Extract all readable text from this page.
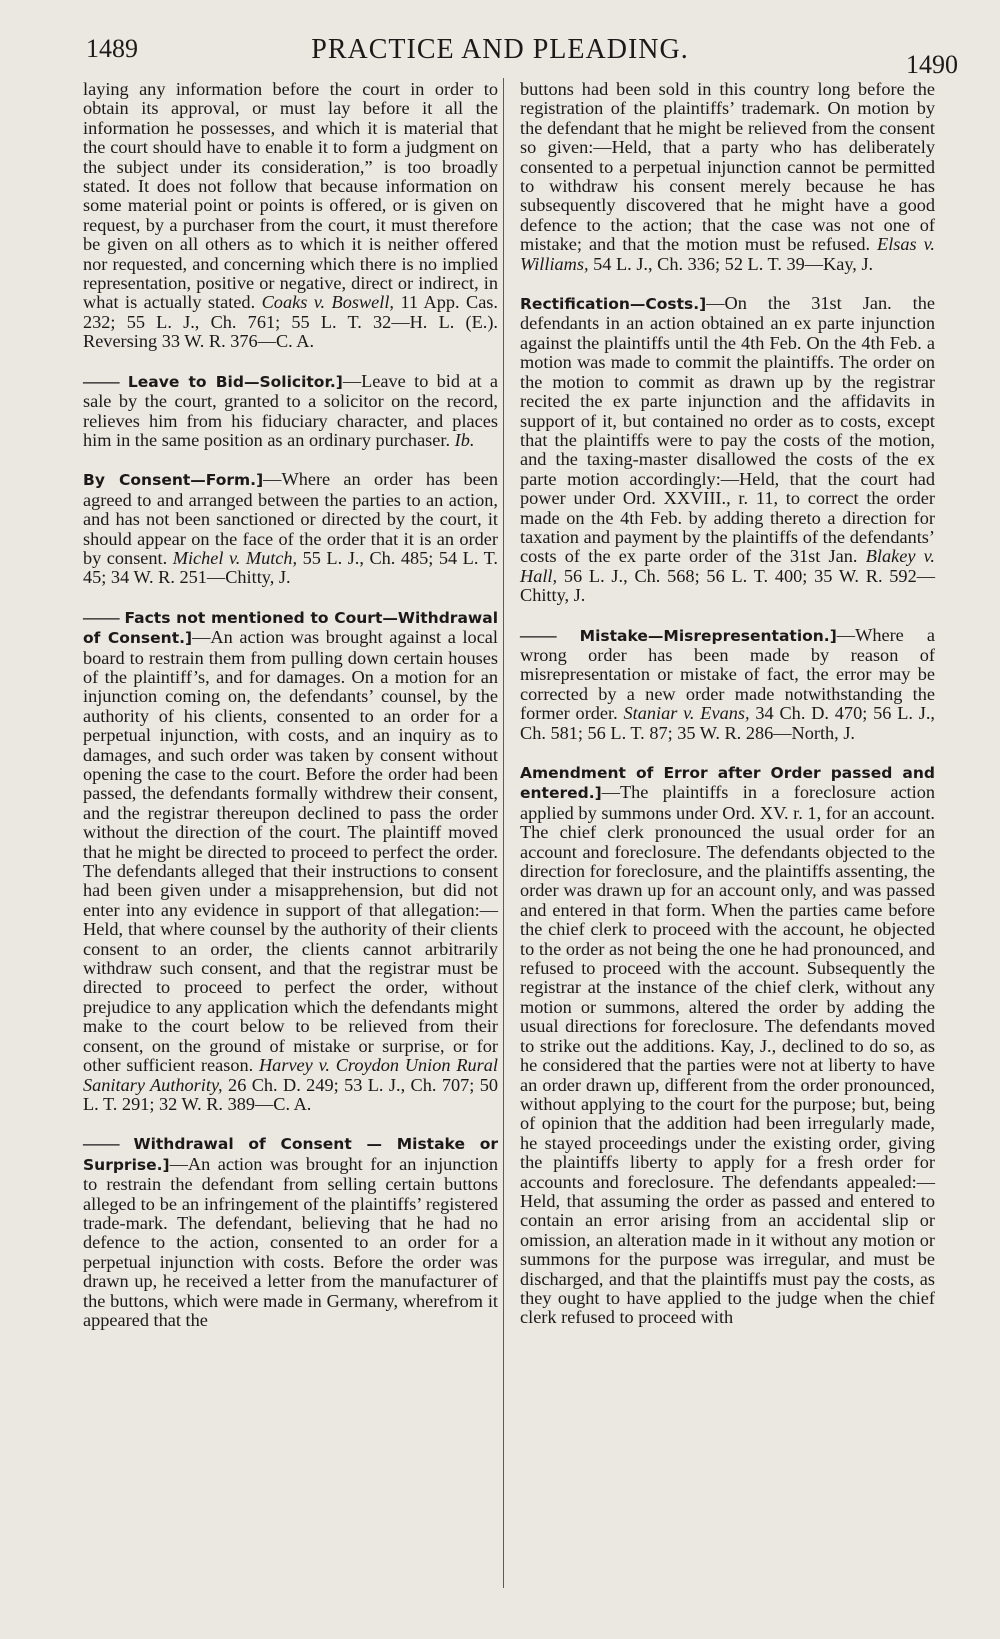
1489	PRACTICE AND PLEADING.	1490

laying any information before the court in order to obtain its approval, or must lay before it all the information he possesses, and which it is material that the court should have to enable it to form a judgment on the subject under its consideration,” is too broadly stated. It does not follow that because information on some material point or points is offered, or is given on request, by a purchaser from the court, it must therefore be given on all others as to which it is neither offered nor requested, and concerning which there is no implied representation, positive or negative, direct or indirect, in what is actually stated. Coaks v. Boswell, 11 App. Cas. 232; 55 L. J., Ch. 761; 55 L. T. 32—H. L. (E.). Reversing 33 W. R. 376—C. A.

—— Leave to Bid—Solicitor.]—Leave to bid at a sale by the court, granted to a solicitor on the record, relieves him from his fiduciary character, and places him in the same position as an ordinary purchaser. Ib.

By Consent—Form.]—Where an order has been agreed to and arranged between the parties to an action, and has not been sanctioned or directed by the court, it should appear on the face of the order that it is an order by consent. Michel v. Mutch, 55 L. J., Ch. 485; 54 L. T. 45; 34 W. R. 251—Chitty, J.

—— Facts not mentioned to Court—Withdrawal of Consent.]—An action was brought against a local board to restrain them from pulling down certain houses of the plaintiff’s, and for damages. On a motion for an injunction coming on, the defendants’ counsel, by the authority of his clients, consented to an order for a perpetual injunction, with costs, and an inquiry as to damages, and such order was taken by consent without opening the case to the court. Before the order had been passed, the defendants formally withdrew their consent, and the registrar thereupon declined to pass the order without the direction of the court. The plaintiff moved that he might be directed to proceed to perfect the order. The defendants alleged that their instructions to consent had been given under a misapprehension, but did not enter into any evidence in support of that allegation:—Held, that where counsel by the authority of their clients consent to an order, the clients cannot arbitrarily withdraw such consent, and that the registrar must be directed to proceed to perfect the order, without prejudice to any application which the defendants might make to the court below to be relieved from their consent, on the ground of mistake or surprise, or for other sufficient reason. Harvey v. Croydon Union Rural Sanitary Authority, 26 Ch. D. 249; 53 L. J., Ch. 707; 50 L. T. 291; 32 W. R. 389—C. A.

—— Withdrawal of Consent — Mistake or Surprise.]—An action was brought for an injunction to restrain the defendant from selling certain buttons alleged to be an infringement of the plaintiffs’ registered trade-mark. The defendant, believing that he had no defence to the action, consented to an order for a perpetual injunction with costs. Before the order was drawn up, he received a letter from the manufacturer of the buttons, which were made in Germany, wherefrom it appeared that the

buttons had been sold in this country long before the registration of the plaintiffs’ trademark. On motion by the defendant that he might be relieved from the consent so given:—Held, that a party who has deliberately consented to a perpetual injunction cannot be permitted to withdraw his consent merely because he has subsequently discovered that he might have a good defence to the action; that the case was not one of mistake; and that the motion must be refused. Elsas v. Williams, 54 L. J., Ch. 336; 52 L. T. 39—Kay, J.

Rectification—Costs.]—On the 31st Jan. the defendants in an action obtained an ex parte injunction against the plaintiffs until the 4th Feb. On the 4th Feb. a motion was made to commit the plaintiffs. The order on the motion to commit as drawn up by the registrar recited the ex parte injunction and the affidavits in support of it, but contained no order as to costs, except that the plaintiffs were to pay the costs of the motion, and the taxing-master disallowed the costs of the ex parte motion accordingly:—Held, that the court had power under Ord. XXVIII., r. 11, to correct the order made on the 4th Feb. by adding thereto a direction for taxation and payment by the plaintiffs of the defendants’ costs of the ex parte order of the 31st Jan. Blakey v. Hall, 56 L. J., Ch. 568; 56 L. T. 400; 35 W. R. 592—Chitty, J.

—— Mistake—Misrepresentation.]—Where a wrong order has been made by reason of misrepresentation or mistake of fact, the error may be corrected by a new order made notwithstanding the former order. Staniar v. Evans, 34 Ch. D. 470; 56 L. J., Ch. 581; 56 L. T. 87; 35 W. R. 286—North, J.

Amendment of Error after Order passed and entered.]—The plaintiffs in a foreclosure action applied by summons under Ord. XV. r. 1, for an account. The chief clerk pronounced the usual order for an account and foreclosure. The defendants objected to the direction for foreclosure, and the plaintiffs assenting, the order was drawn up for an account only, and was passed and entered in that form. When the parties came before the chief clerk to proceed with the account, he objected to the order as not being the one he had pronounced, and refused to proceed with the account. Subsequently the registrar at the instance of the chief clerk, without any motion or summons, altered the order by adding the usual directions for foreclosure. The defendants moved to strike out the additions. Kay, J., declined to do so, as he considered that the parties were not at liberty to have an order drawn up, different from the order pronounced, without applying to the court for the purpose; but, being of opinion that the addition had been irregularly made, he stayed proceedings under the existing order, giving the plaintiffs liberty to apply for a fresh order for accounts and foreclosure. The defendants appealed:—Held, that assuming the order as passed and entered to contain an error arising from an accidental slip or omission, an alteration made in it without any motion or summons for the purpose was irregular, and must be discharged, and that the plaintiffs must pay the costs, as they ought to have applied to the judge when the chief clerk refused to proceed with
